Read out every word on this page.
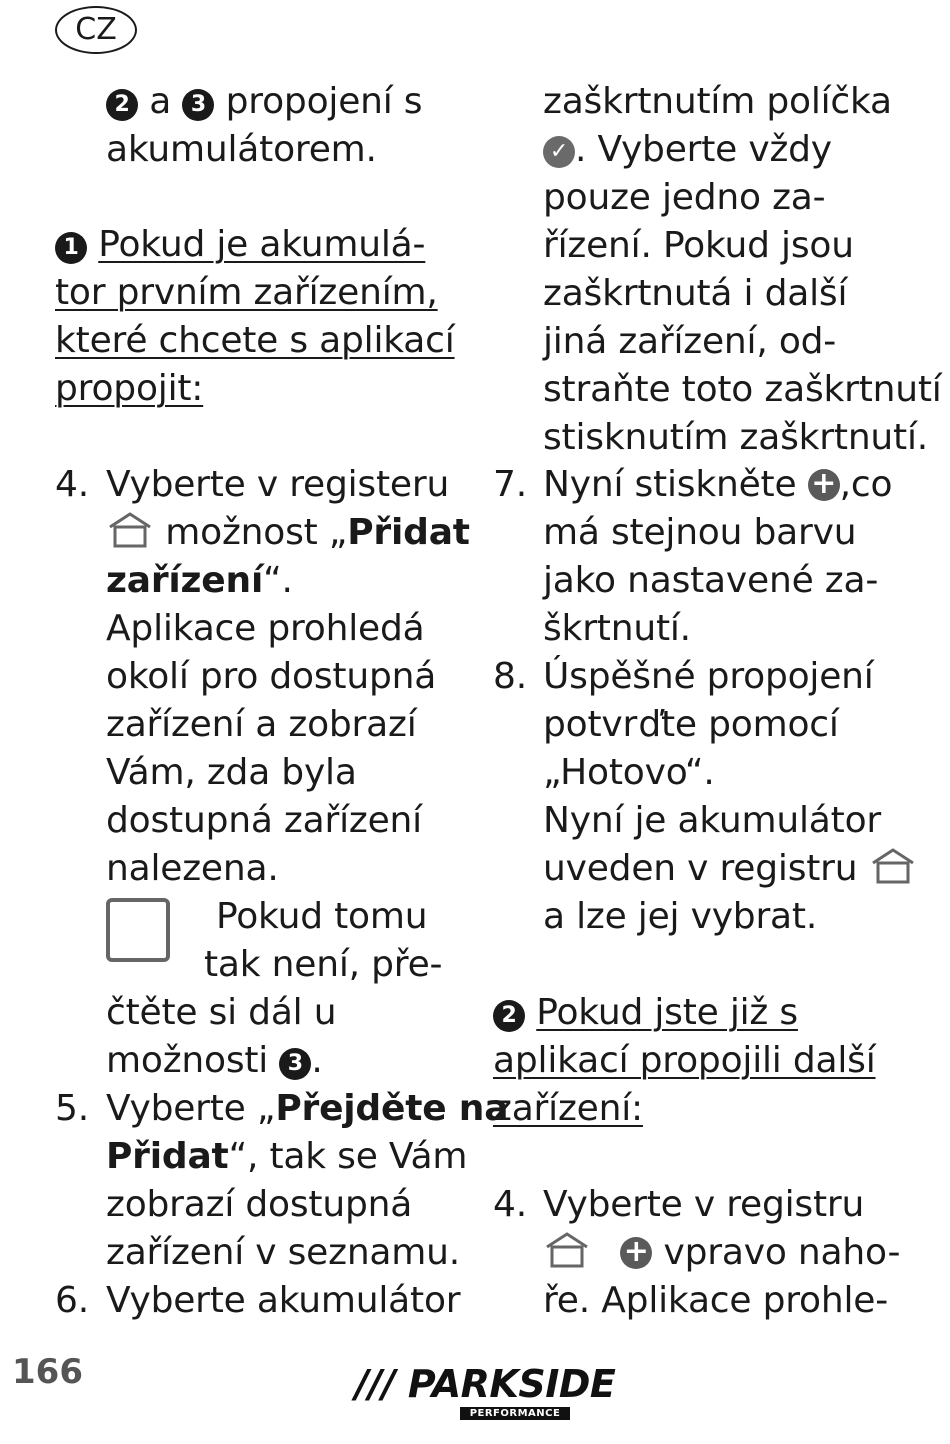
CZ
2 a 3 propojení s
akumulátorem.
1 Pokud je akumulá-
tor prvním zařízením,
které chcete s aplikací
propojit:
4. Vyberte v registeru
možnost „Přidat
zařízení“.
Aplikace prohledá
okolí pro dostupná
zařízení a zobrazí
Vám, zda byla
dostupná zařízení
nalezena.
Pokud tomu
tak není, pře-
čtěte si dál u
možnosti 3 .
5. Vyberte „Přejděte na
Přidat“, tak se Vám
zobrazí dostupná
zařízení v seznamu.
6. Vyberte akumulátor
zaškrtnutím políčka
✓ . Vyberte vždy
pouze jedno za-
řízení. Pokud jsou
zaškrtnutá i další
jiná zařízení, od-
straňte toto zaškrtnutí
stisknutím zaškrtnutí.
7. Nyní stiskněte +,co
má stejnou barvu
jako nastavené za-
škrtnutí.
8. Úspěšné propojení
potvrďte pomocí
„Hotovo“.
Nyní je akumulátor
uveden v registru
a lze jej vybrat.
2 Pokud jste již s
aplikací propojili další
zařízení:
4. Vyberte v registru
+ vpravo naho-
ře. Aplikace prohle-
166	/// PARKSIDE
PERFORMANCE
